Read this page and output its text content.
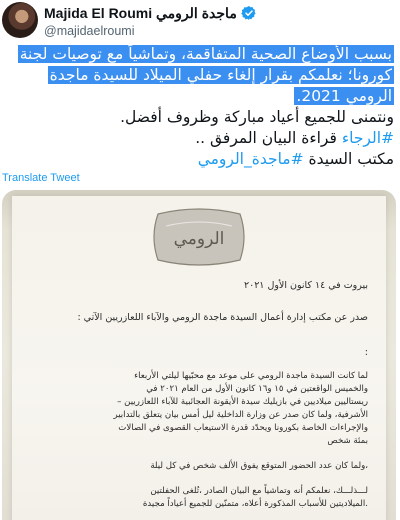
Majida El Roumi ماجدة الرومي
@majidaelroumi
بسبب الأوضاع الصحية المتفاقمة، وتماشياً مع توصيات لجنة
كورونا؛ نعلمكم بقرار إلغاء حفلي الميلاد للسيدة ماجدة
الرومي 2021.
ونتمنى للجميع أعياد مباركة وظروف أفضل.
#الرجاء قراءة البيان المرفق ..
مكتب السيدة #ماجدة_الرومي
Translate Tweet
الرومي
بيروت في ١٤ كانون الأول ٢٠٢١
صدر عن مكتب إدارة أعمال السيدة ماجدة الرومي والآباء اللعازريين الآتي :
:
لما كانت السيدة ماجدة الرومي على موعد مع محبّيها ليلتي الأربعاء
والخميس الواقعتين في ١٥ و١٦ كانون الأول من العام ٢٠٢١ في
ريستاليين ميلاديين في بازيليك سيدة الأيقونة العجائبية للآباء اللعازريين –
الأشرفية، ولما كان صدر عن وزارة الداخلية ليل أمس بيان يتعلق بالتدابير
والإجراءات الخاصة بكورونا ويحدّد قدرة الاستيعاب القصوى في الصالات
بمئة شخص
،ولما كان عدد الحضور المتوقع يفوق الألف شخص في كل ليلة
لـــذلـــك، نعلمكم أنه وتماشياً مع البيان الصادر ،تُلغى الحفلتين
.الميلاديتين للأسباب المذكورة أعلاه، متمنّين للجميع أعياداً مجيدة
